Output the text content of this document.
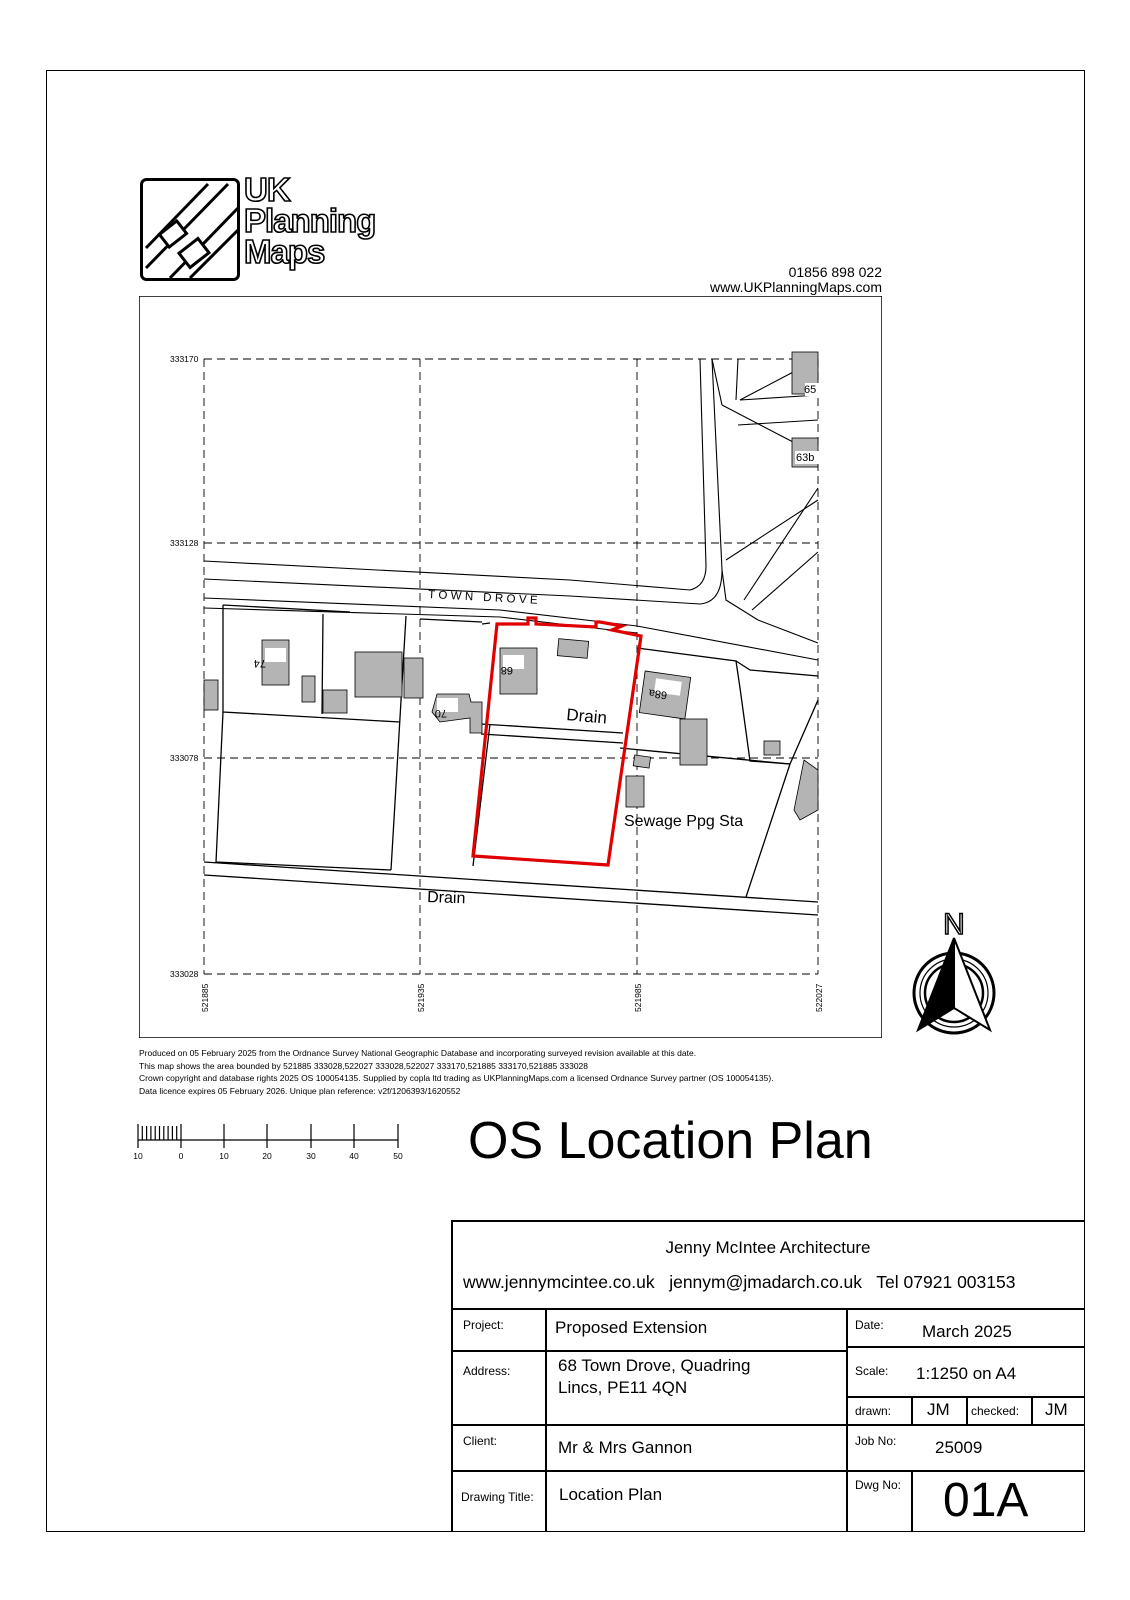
UK
Planning
Maps
01856 898 022
www.UKPlanningMaps.com
333170
333128
333078
333028
521885	521935	521985	522027
TOWN DROVE
65
63b
74
68
70
68a
Drain
Sewage Ppg Sta
Drain
Produced on 05 February 2025 from the Ordnance Survey National Geographic Database and incorporating surveyed revision available at this date.
This map shows the area bounded by 521885 333028,522027 333028,522027 333170,521885 333170,521885 333028
Crown copyright and database rights 2025 OS 100054135. Supplied by copla ltd trading as UKPlanningMaps.com a licensed Ordnance Survey partner (OS 100054135).
Data licence expires 05 February 2026. Unique plan reference: v2f/1206393/1620552
10	0	10	20	30	40	50 OS Location Plan
N
Jenny McIntee Architecture
www.jennymcintee.co.uk   jennym@jmadarch.co.uk   Tel 07921 003153
Project:	Proposed Extension	Date: March 2025
Address:	68 Town Drove, Quadring
Lincs, PE11 4QN
Scale: 1:1250 on A4
drawn: JM checked: JM
Client:	Mr & Mrs Gannon	Job No: 25009
Drawing Title: Location Plan	Dwg No: 01A
